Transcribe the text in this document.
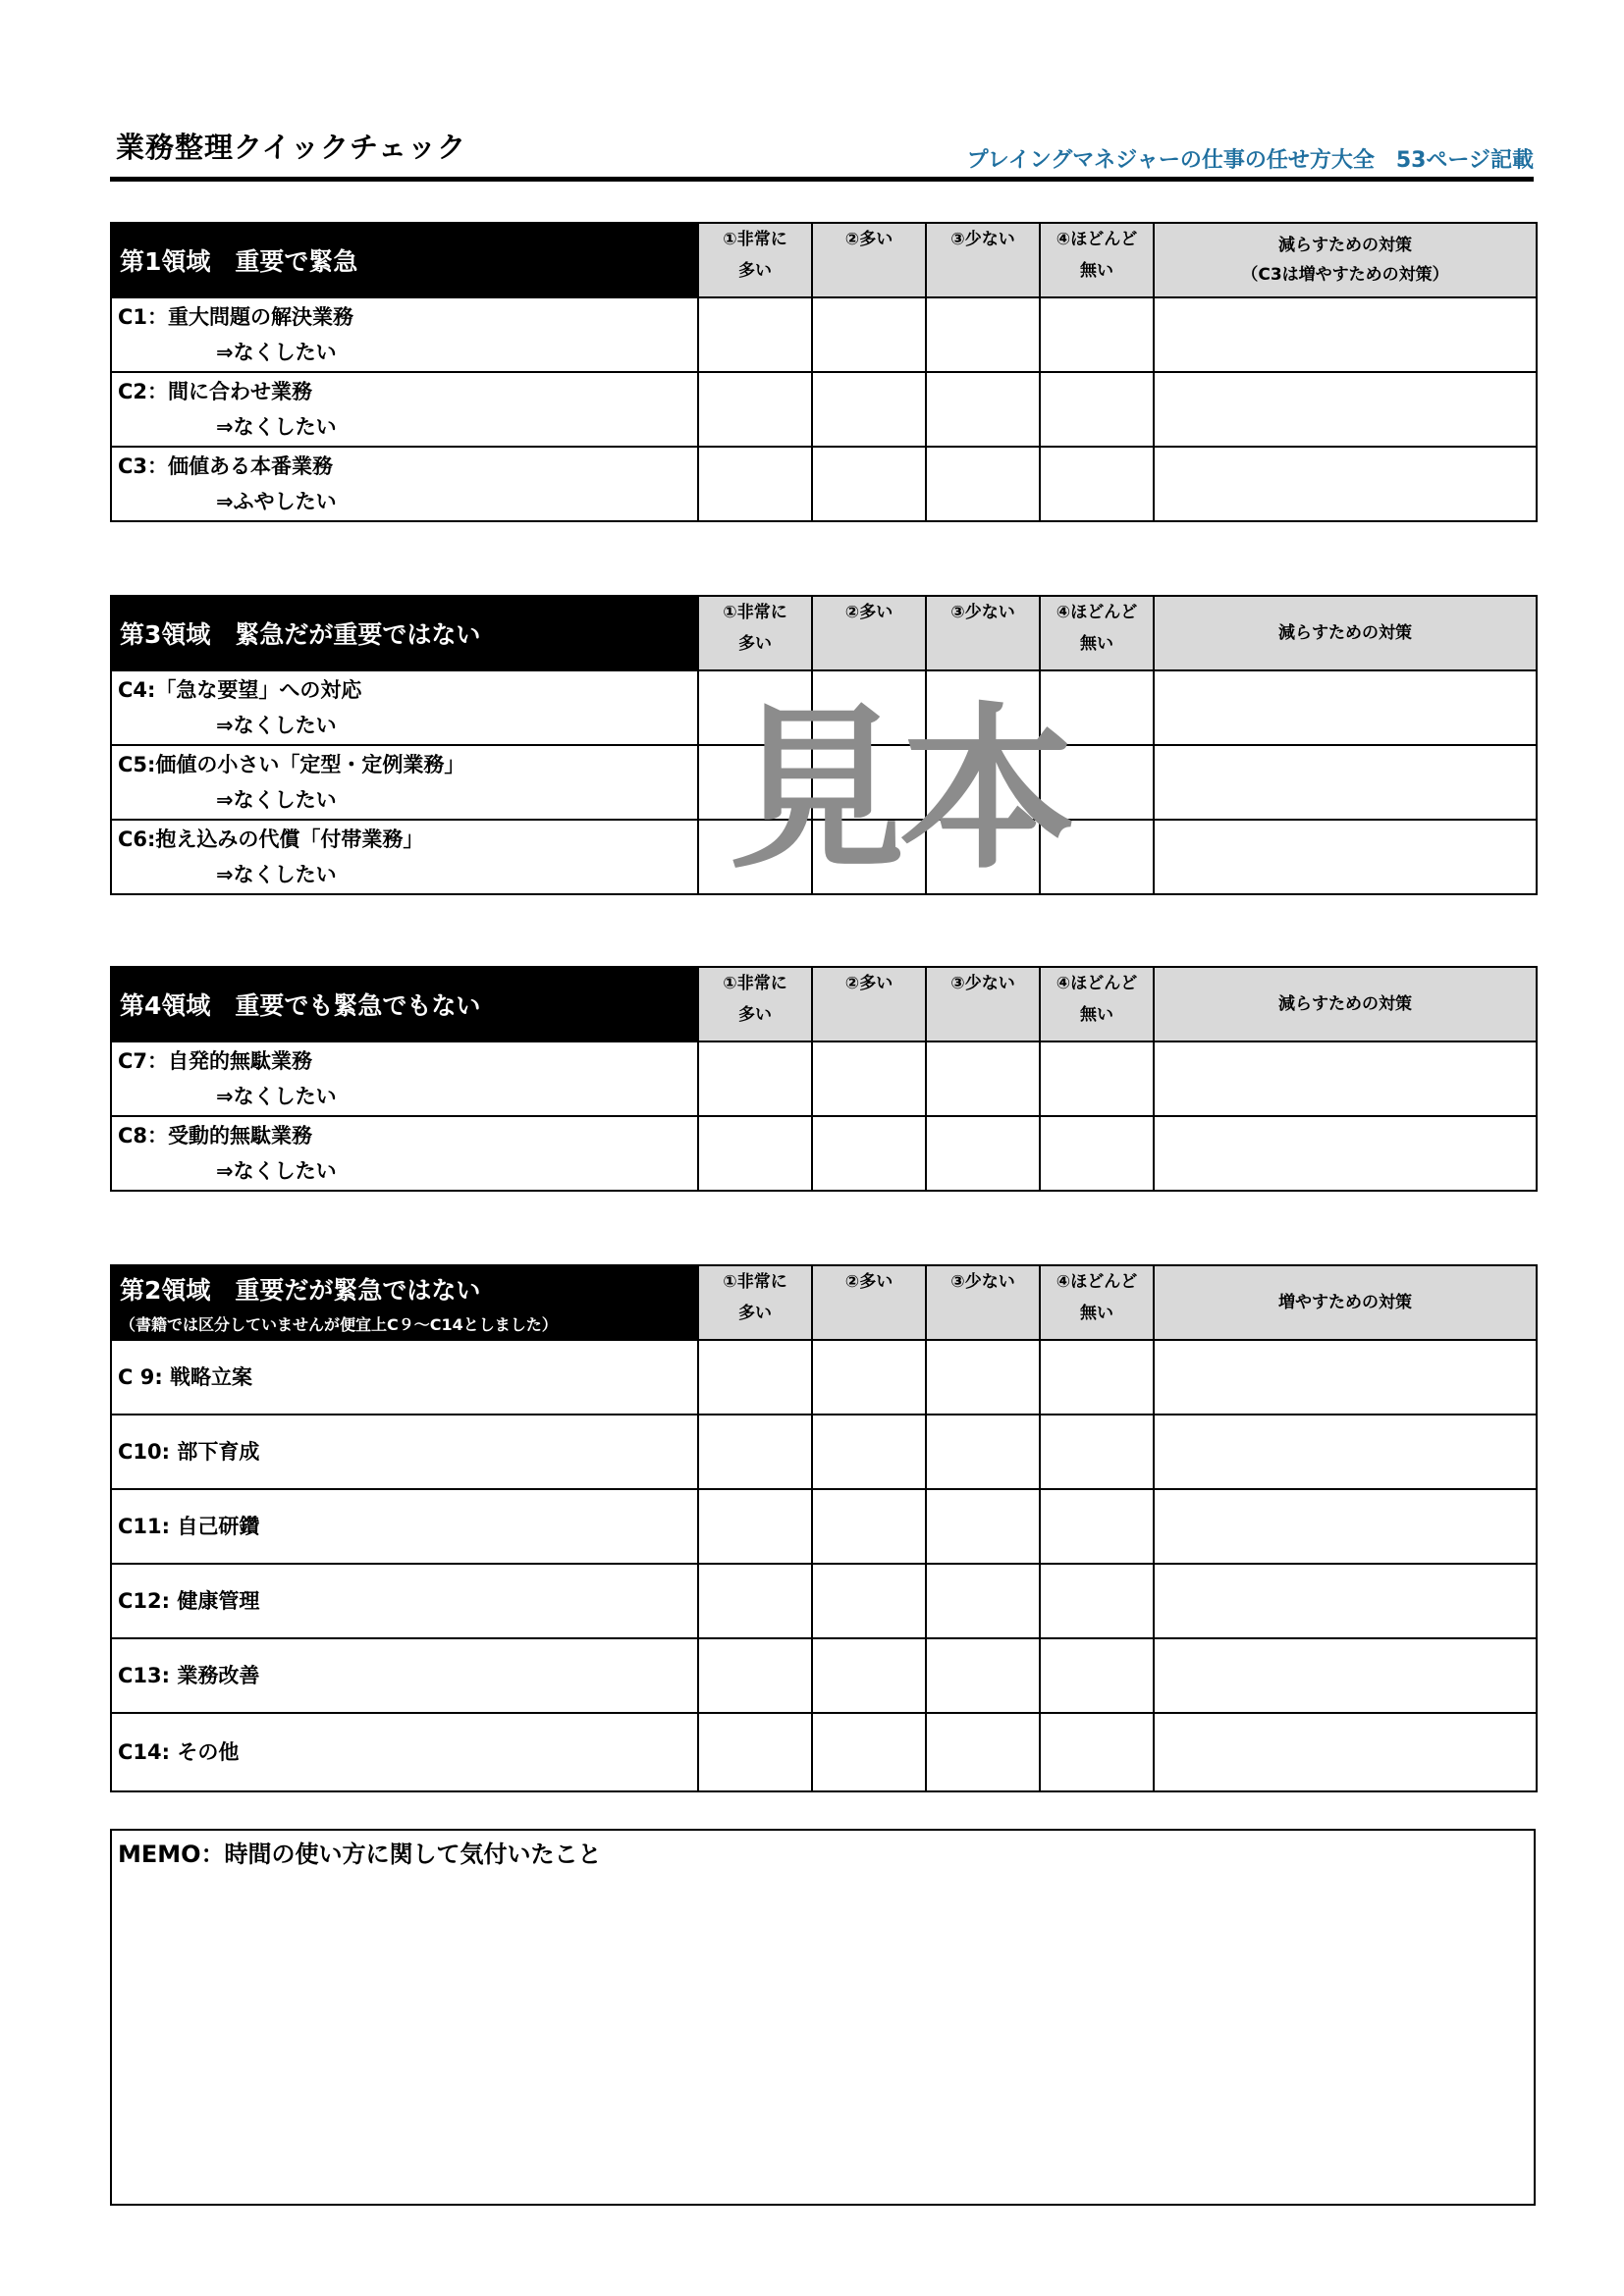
業務整理クイックチェック	プレイングマネジャーの仕事の任せ方大全　53ページ記載
第1領域　重要で緊急	①非常に
多い	②多い	③少ない	④ほどんど
無い	減らすための対策
（C3は増やすための対策）
C1：重大問題の解決業務
⇒なくしたい					

C2：間に合わせ業務
⇒なくしたい					

C3：価値ある本番業務
⇒ふやしたい					

第3領域　緊急だが重要ではない	①非常に
多い	②多い	③少ない	④ほどんど
無い	減らすための対策
C4:「急な要望」への対応
⇒なくしたい					

C5:価値の小さい「定型・定例業務」
⇒なくしたい					

C6:抱え込みの代償「付帯業務」
⇒なくしたい					

第4領域　重要でも緊急でもない	①非常に
多い	②多い	③少ない	④ほどんど
無い	減らすための対策
C7：自発的無駄業務
⇒なくしたい					

C8：受動的無駄業務
⇒なくしたい					

第2領域　重要だが緊急ではない
（書籍では区分していませんが便宜上C９～C14としました）	①非常に
多い	②多い	③少ない	④ほどんど
無い	増やすための対策
C 9: 戦略立案					
C10: 部下育成					
C11: 自己研鑽					
C12: 健康管理					
C13: 業務改善					
C14: その他					
MEMO：時間の使い方に関して気付いたこと
見本
